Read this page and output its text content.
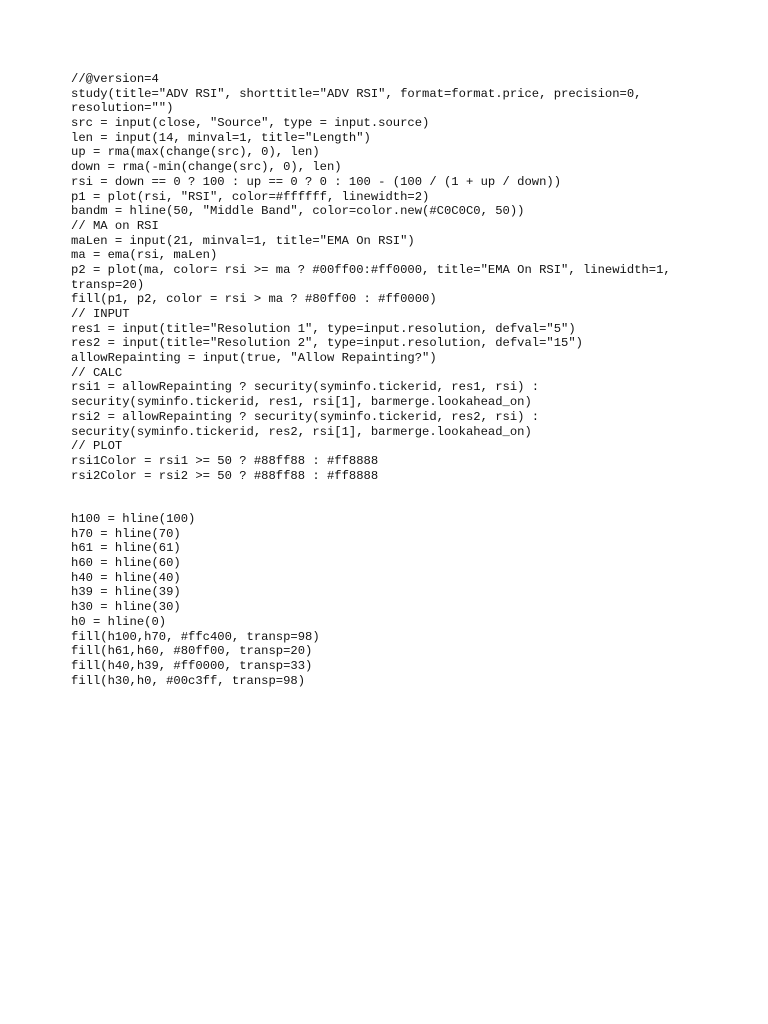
//@version=4
study(title="ADV RSI", shorttitle="ADV RSI", format=format.price, precision=0,
resolution="")
src = input(close, "Source", type = input.source)
len = input(14, minval=1, title="Length")
up = rma(max(change(src), 0), len)
down = rma(-min(change(src), 0), len)
rsi = down == 0 ? 100 : up == 0 ? 0 : 100 - (100 / (1 + up / down))
p1 = plot(rsi, "RSI", color=#ffffff, linewidth=2)
bandm = hline(50, "Middle Band", color=color.new(#C0C0C0, 50))
// MA on RSI
maLen = input(21, minval=1, title="EMA On RSI")
ma = ema(rsi, maLen)
p2 = plot(ma, color= rsi >= ma ? #00ff00:#ff0000, title="EMA On RSI", linewidth=1,
transp=20)
fill(p1, p2, color = rsi > ma ? #80ff00 : #ff0000)
// INPUT
res1 = input(title="Resolution 1", type=input.resolution, defval="5")
res2 = input(title="Resolution 2", type=input.resolution, defval="15")
allowRepainting = input(true, "Allow Repainting?")
// CALC
rsi1 = allowRepainting ? security(syminfo.tickerid, res1, rsi) :
security(syminfo.tickerid, res1, rsi[1], barmerge.lookahead_on)
rsi2 = allowRepainting ? security(syminfo.tickerid, res2, rsi) :
security(syminfo.tickerid, res2, rsi[1], barmerge.lookahead_on)
// PLOT
rsi1Color = rsi1 >= 50 ? #88ff88 : #ff8888
rsi2Color = rsi2 >= 50 ? #88ff88 : #ff8888
h100 = hline(100)
h70 = hline(70)
h61 = hline(61)
h60 = hline(60)
h40 = hline(40)
h39 = hline(39)
h30 = hline(30)
h0 = hline(0)
fill(h100,h70, #ffc400, transp=98)
fill(h61,h60, #80ff00, transp=20)
fill(h40,h39, #ff0000, transp=33)
fill(h30,h0, #00c3ff, transp=98)
